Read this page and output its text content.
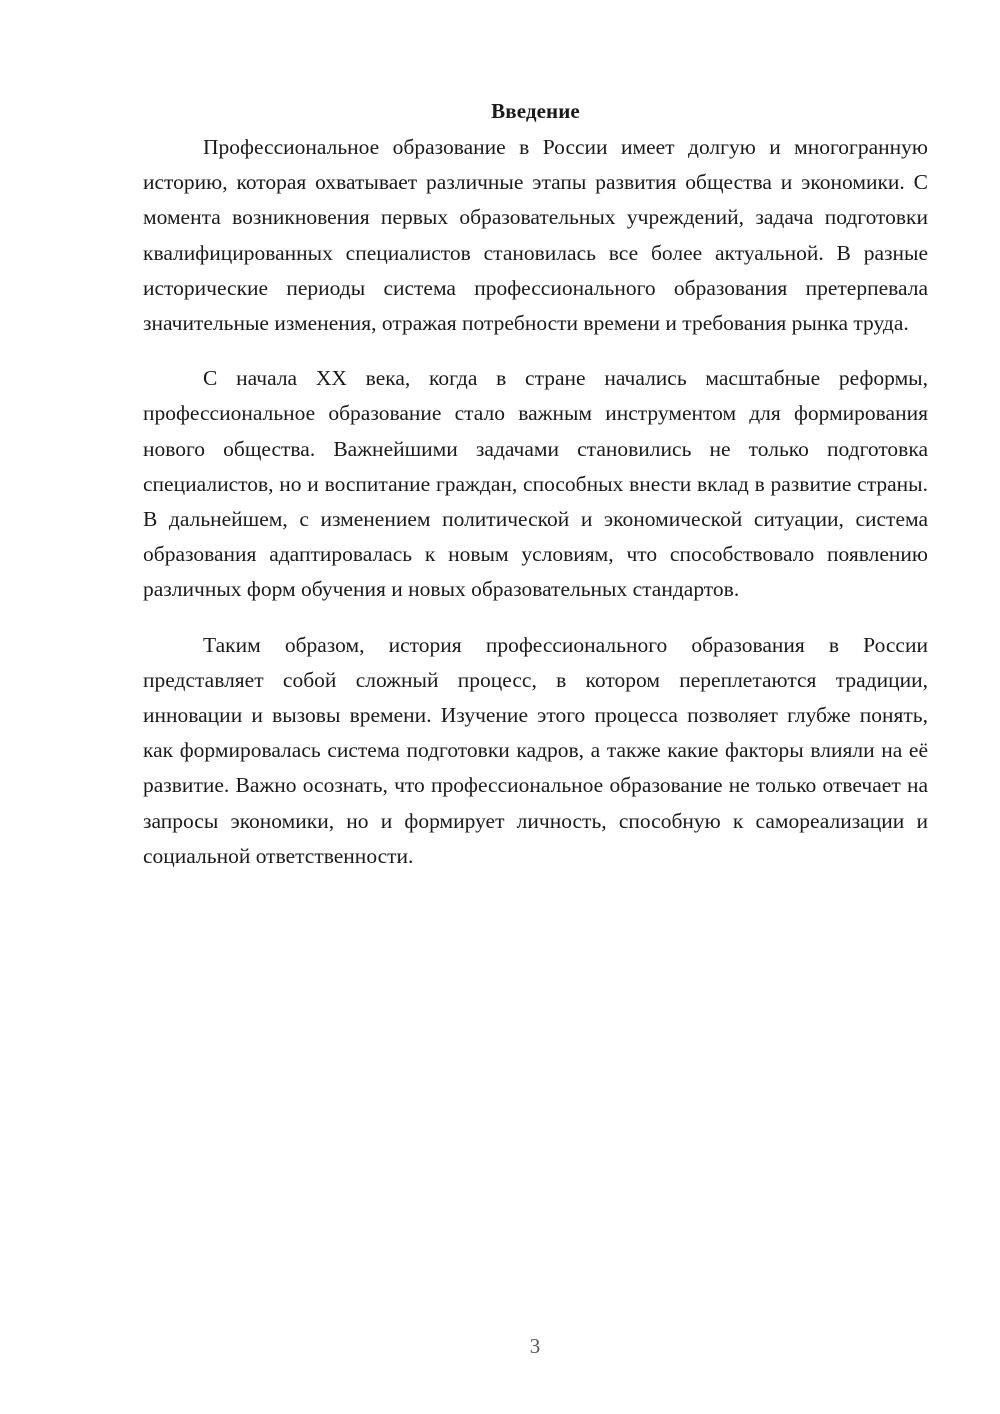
Введение

Профессиональное образование в России имеет долгую и многогранную историю, которая охватывает различные этапы развития общества и экономики. С момента возникновения первых образовательных учреждений, задача подготовки квалифицированных специалистов становилась все более актуальной. В разные исторические периоды система профессионального образования претерпевала значительные изменения, отражая потребности времени и требования рынка труда.

С начала XX века, когда в стране начались масштабные реформы, профессиональное образование стало важным инструментом для формирования нового общества. Важнейшими задачами становились не только подготовка специалистов, но и воспитание граждан, способных внести вклад в развитие страны. В дальнейшем, с изменением политической и экономической ситуации, система образования адаптировалась к новым условиям, что способствовало появлению различных форм обучения и новых образовательных стандартов.

Таким образом, история профессионального образования в России представляет собой сложный процесс, в котором переплетаются традиции, инновации и вызовы времени. Изучение этого процесса позволяет глубже понять, как формировалась система подготовки кадров, а также какие факторы влияли на её развитие. Важно осознать, что профессиональное образование не только отвечает на запросы экономики, но и формирует личность, способную к самореализации и социальной ответственности.

3
